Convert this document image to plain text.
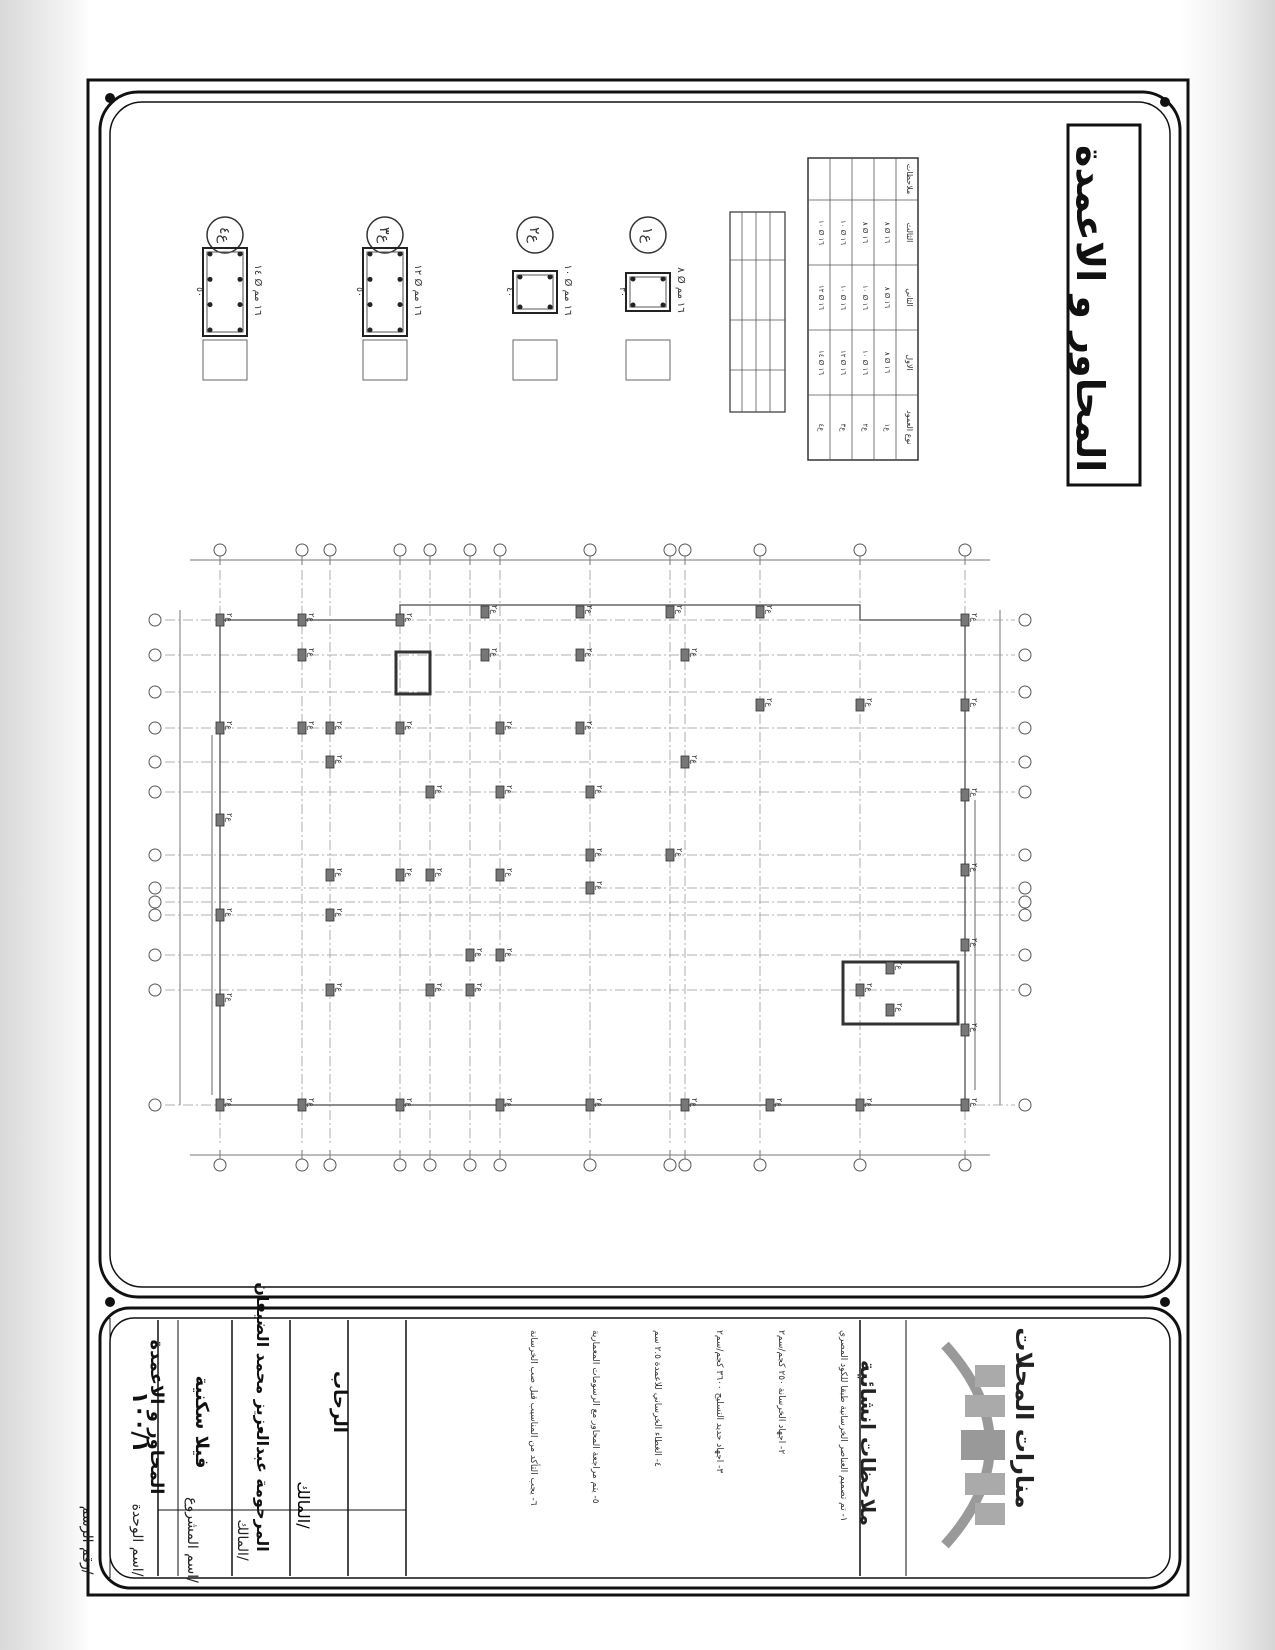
ع٢
ع٢
ع٢
ع٢
ع٢
ع٢
ع٢
ع٢
ع٢
ع٢
ع٢
ع٢
ع٢
ع٢
ع٢
ع٢
ع٢
ع٢
ع٢
ع٢
ع٢
ع٢
ع٢
ع٢
ع٢
ع٢
ع٢
ع٢
ع٢
ع٢
ع٢
ع٢
ع٢
ع٢
ع٢
ع٢
ع٢
ع٢
ع٢
ع٢
ع٢
ع٢
ع٢
ع٢
ع٢
ع٢
ع٢
ع٢
ع٢
ع٢
ع٢
ع٢
ع٢
ع٢
ع٢
ع٢
ع٢
ع٢
ع١
٣٠
٨ Ø ١٦ مم
ع٢
٤٠
١٠ Ø ١٦ مم
ع٣
٥٠
١٢ Ø ١٦ مم
ع٤
٥٠
١٤ Ø ١٦ مم
نوع العمود
الاول
الثاني
الثالث
ملاحظات
ع١
٨ Ø ١٦
٨ Ø ١٦
٨ Ø ١٦
ع٢
١٠ Ø ١٦
١٠ Ø ١٦
٨ Ø ١٦
ع٣
١٢ Ø ١٦
١٠ Ø ١٦
١٠ Ø ١٦
ع٤
١٤ Ø ١٦
١٢ Ø ١٦
١٠ Ø ١٦	المحاور و الاعمدة
منارات المحلات
ملاحظات انشائية
١- تم تصميم العناصر الخرسانية طبقا للكود المصري
٢- اجهاد الخرسانة ٢٥٠ كجم/سم٢
٣- اجهاد حديد التسليح ٣٦٠٠ كجم/سم٢
٤- الغطاء الخرساني للاعمدة ٢.٥ سم
٥- يتم مراجعة المحاور مع الرسومات المعمارية
٦- يجب التأكد من المناسيب قبل صب الخرسانة
المالك/
الرحاب
المالك/
المرحومة عبدالعزيز محمد الضيفان
اسم المشروع/
فيلا سكنية
اسم الوحدة/
المحاور و الاعمدة
رقم الرسم/
١٠٠/١
